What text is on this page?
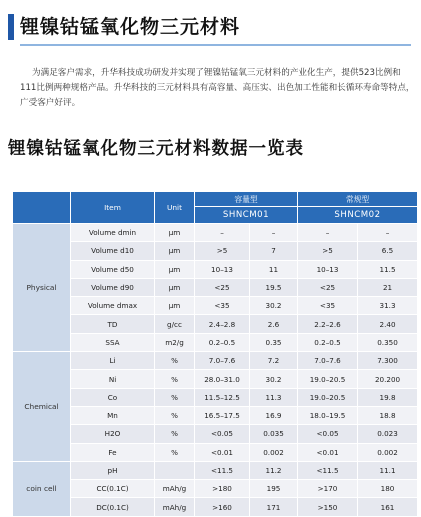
锂镍钴锰氧化物三元材料
为满足客户需求，升华科技成功研发并实现了锂镍钴锰氧三元材料的产业化生产，提供523比例和111比例两种规格产品。升华科技的三元材料具有高容量、高压实、出色加工性能和长循环寿命等特点，广受客户好评。
锂镍钴锰氧化物三元材料数据一览表
	Item	Unit	容量型		常规型	
			SHNCM01		SHNCM02	
Physical	Volume dmin	μm	–	–	–	–
	Volume d10	μm	>5	7	>5	6.5
	Volume d50	μm	10–13	11	10–13	11.5
	Volume d90	μm	<25	19.5	<25	21
	Volume dmax	μm	<35	30.2	<35	31.3
	TD	g/cc	2.4–2.8	2.6	2.2–2.6	2.40
	SSA	m2/g	0.2–0.5	0.35	0.2–0.5	0.350
Chemical	Li	%	7.0–7.6	7.2	7.0–7.6	7.300
	Ni	%	28.0–31.0	30.2	19.0–20.5	20.200
	Co	%	11.5–12.5	11.3	19.0–20.5	19.8
	Mn	%	16.5–17.5	16.9	18.0–19.5	18.8
	H2O	%	<0.05	0.035	<0.05	0.023
	Fe	%	<0.01	0.002	<0.01	0.002
coin cell	pH		<11.5	11.2	<11.5	11.1
	CC(0.1C)	mAh/g	>180	195	>170	180
	DC(0.1C)	mAh/g	>160	171	>150	161
